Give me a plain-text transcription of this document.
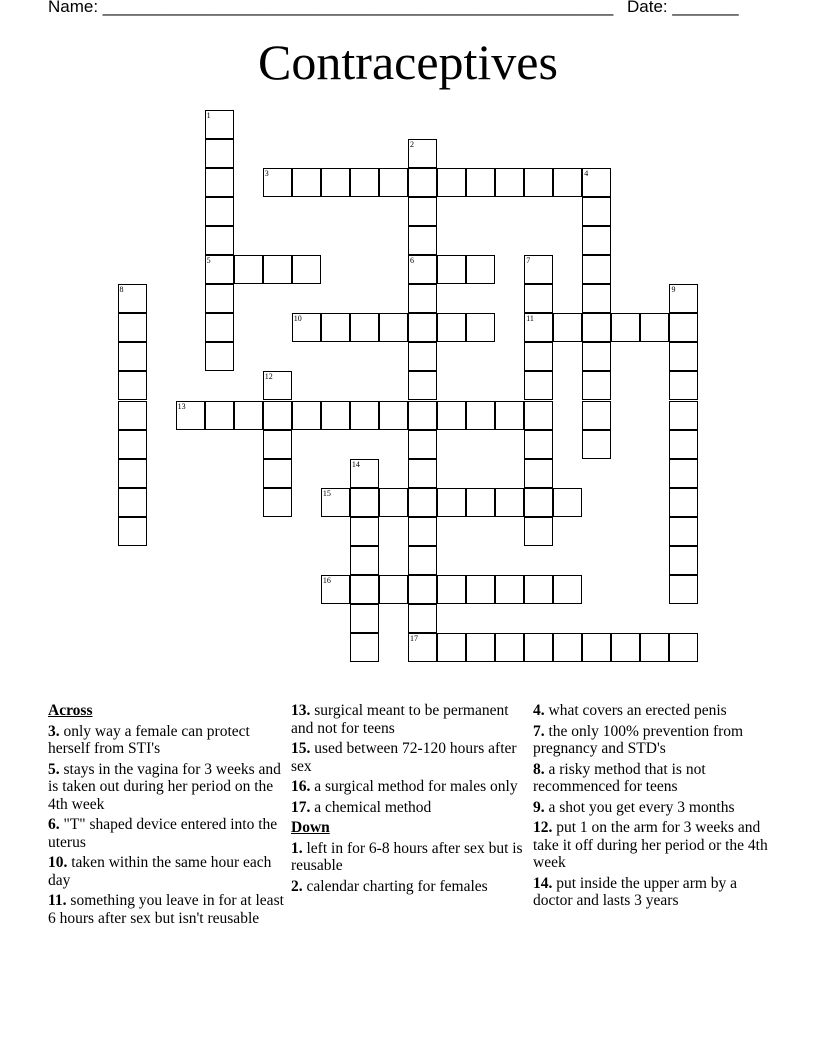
Name: ______________________________________________________ Date: _______
Contraceptives
1
5
2
6
17
3	4
7
11
8	9
10
12
13
14
15
16
Across
3. only way a female can protect herself from STI's
5. stays in the vagina for 3 weeks and is taken out during her period on the 4th week
6. "T" shaped device entered into the uterus
10. taken within the same hour each day
11. something you leave in for at least 6 hours after sex but isn't reusable
13. surgical meant to be permanent and not for teens
15. used between 72-120 hours after sex
16. a surgical method for males only
17. a chemical method
Down
1. left in for 6-8 hours after sex but is reusable
2. calendar charting for females
4. what covers an erected penis
7. the only 100% prevention from pregnancy and STD's
8. a risky method that is not recommenced for teens
9. a shot you get every 3 months
12. put 1 on the arm for 3 weeks and take it off during her period or the 4th week
14. put inside the upper arm by a doctor and lasts 3 years
